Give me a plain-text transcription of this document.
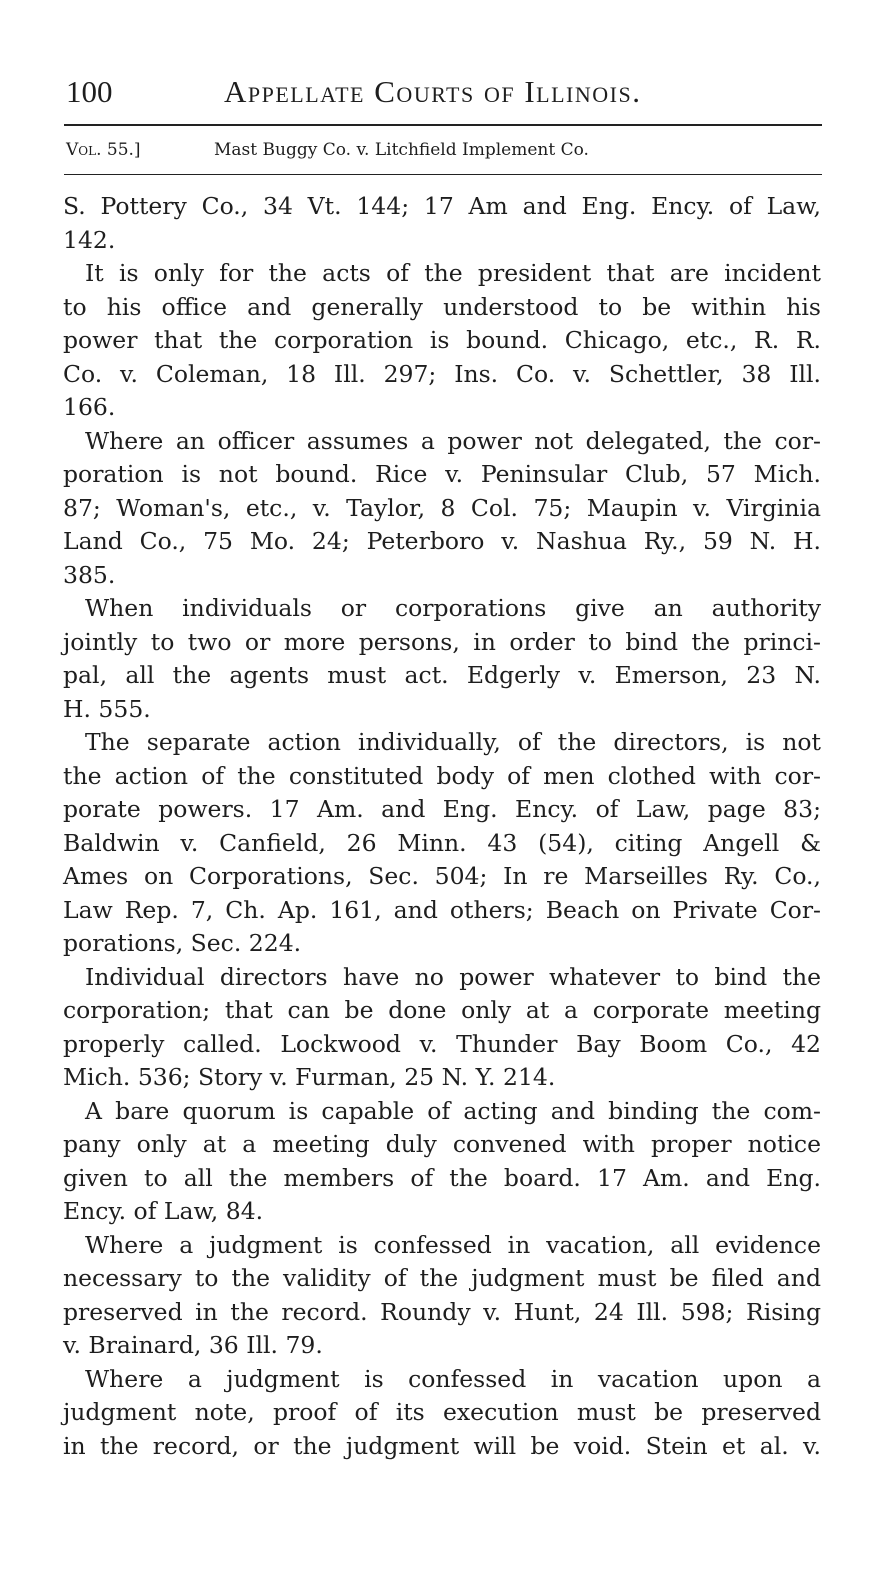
100	Appellate Courts of Illinois.
Vol. 55.]	Mast Buggy Co. v. Litchfield Implement Co.
S. Pottery Co., 34 Vt. 144; 17 Am and Eng. Ency. of Law,
142.
It is only for the acts of the president that are incident
to his office and generally understood to be within his
power that the corporation is bound. Chicago, etc., R. R.
Co. v. Coleman, 18 Ill. 297; Ins. Co. v. Schettler, 38 Ill.
166.
Where an officer assumes a power not delegated, the cor-
poration is not bound. Rice v. Peninsular Club, 57 Mich.
87; Woman's, etc., v. Taylor, 8 Col. 75; Maupin v. Virginia
Land Co., 75 Mo. 24; Peterboro v. Nashua Ry., 59 N. H.
385.
When individuals or corporations give an authority
jointly to two or more persons, in order to bind the princi-
pal, all the agents must act. Edgerly v. Emerson, 23 N.
H. 555.
The separate action individually, of the directors, is not
the action of the constituted body of men clothed with cor-
porate powers. 17 Am. and Eng. Ency. of Law, page 83;
Baldwin v. Canfield, 26 Minn. 43 (54), citing Angell &
Ames on Corporations, Sec. 504; In re Marseilles Ry. Co.,
Law Rep. 7, Ch. Ap. 161, and others; Beach on Private Cor-
porations, Sec. 224.
Individual directors have no power whatever to bind the
corporation; that can be done only at a corporate meeting
properly called. Lockwood v. Thunder Bay Boom Co., 42
Mich. 536; Story v. Furman, 25 N. Y. 214.
A bare quorum is capable of acting and binding the com-
pany only at a meeting duly convened with proper notice
given to all the members of the board. 17 Am. and Eng.
Ency. of Law, 84.
Where a judgment is confessed in vacation, all evidence
necessary to the validity of the judgment must be filed and
preserved in the record. Roundy v. Hunt, 24 Ill. 598; Rising
v. Brainard, 36 Ill. 79.
Where a judgment is confessed in vacation upon a
judgment note, proof of its execution must be preserved
in the record, or the judgment will be void. Stein et al. v.
